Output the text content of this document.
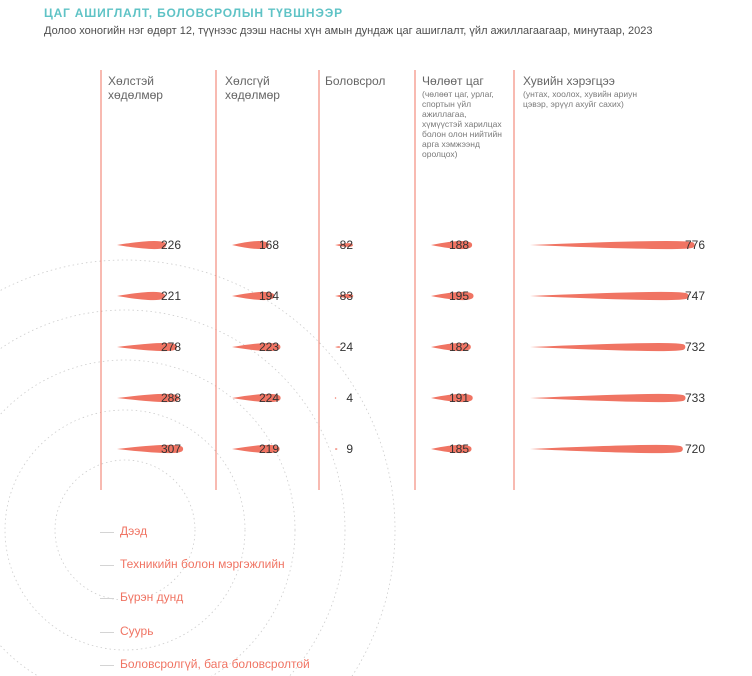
ЦАГ АШИГЛАЛТ, БОЛОВСРОЛЫН ТҮВШНЭЭР

Долоо хоногийн нэг өдөрт 12, түүнээс дээш насны хүн амын дундаж цаг ашиглалт, үйл ажиллагаагаар, минутаар, 2023

Хөлстэй хөдөлмөр
Хөлсгүй хөдөлмөр
Боловсрол	Чөлөөт цаг
(чөлөөт цаг, урлаг, спортын үйл ажиллагаа, хүмүүстэй харилцах болон олон нийтийн арга хэмжээнд оролцох)
Хувийн хэрэгцээ
(унтах, хоолох, хувийн ариун цэвэр, эрүүл ахуйг сахих)
226	168	82	188	776
221	194	83	195	747
278	223	24	182	732
288	224	4	191	733
307	219	9	185	720
Дээд
Техникийн болон мэргэжлийн
Бүрэн дунд
Суурь
Боловсролгүй, бага боловсролтой
